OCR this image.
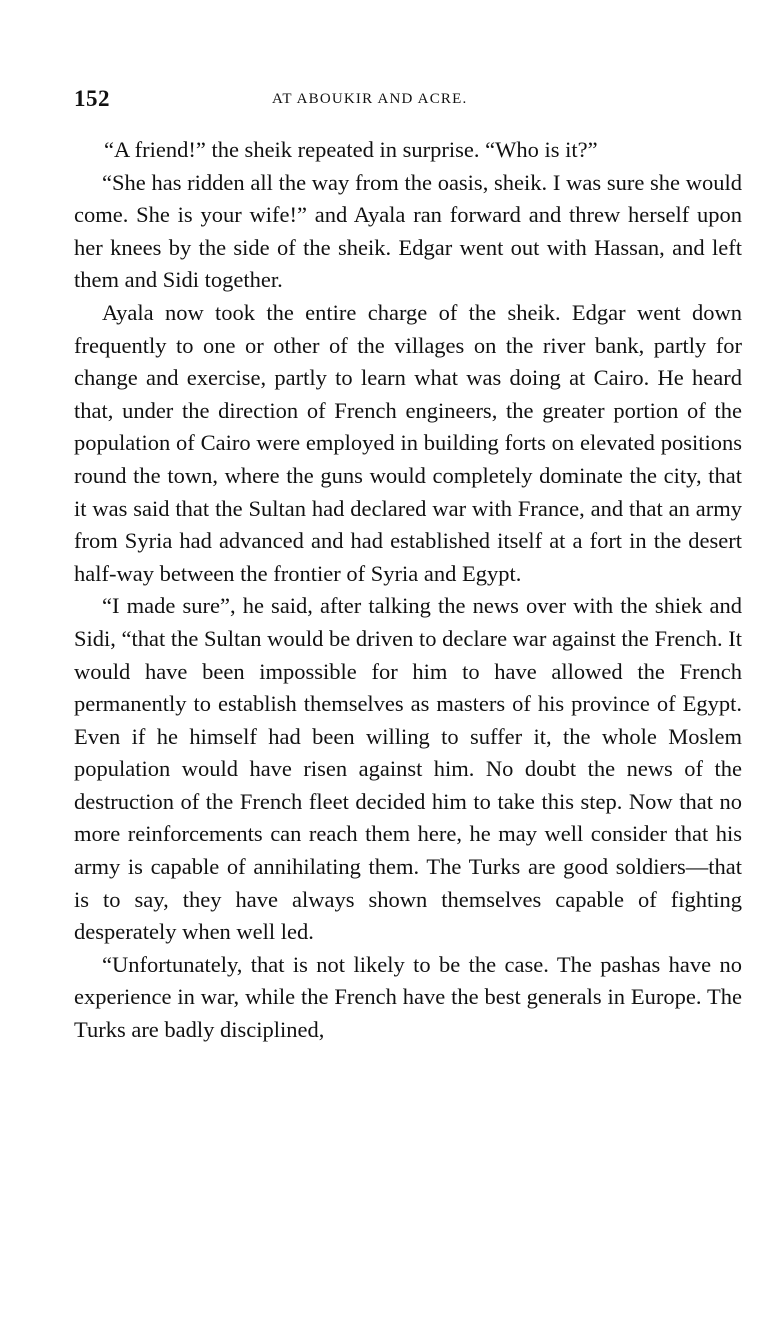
152	AT ABOUKIR AND ACRE.

“A friend!” the sheik repeated in surprise. “Who is it?”

“She has ridden all the way from the oasis, sheik. I was sure she would come. She is your wife!” and Ayala ran forward and threw herself upon her knees by the side of the sheik. Edgar went out with Hassan, and left them and Sidi together.

Ayala now took the entire charge of the sheik. Edgar went down frequently to one or other of the villages on the river bank, partly for change and exercise, partly to learn what was doing at Cairo. He heard that, under the direction of French engineers, the greater portion of the population of Cairo were employed in building forts on elevated positions round the town, where the guns would completely dominate the city, that it was said that the Sultan had declared war with France, and that an army from Syria had advanced and had established itself at a fort in the desert half-way between the frontier of Syria and Egypt.

“I made sure”, he said, after talking the news over with the shiek and Sidi, “that the Sultan would be driven to declare war against the French. It would have been impossible for him to have allowed the French permanently to establish themselves as masters of his province of Egypt. Even if he himself had been willing to suffer it, the whole Moslem population would have risen against him. No doubt the news of the destruction of the French fleet decided him to take this step. Now that no more reinforcements can reach them here, he may well consider that his army is capable of annihilating them. The Turks are good soldiers—that is to say, they have always shown themselves capable of fighting desperately when well led.

“Unfortunately, that is not likely to be the case. The pashas have no experience in war, while the French have the best generals in Europe. The Turks are badly disciplined,
